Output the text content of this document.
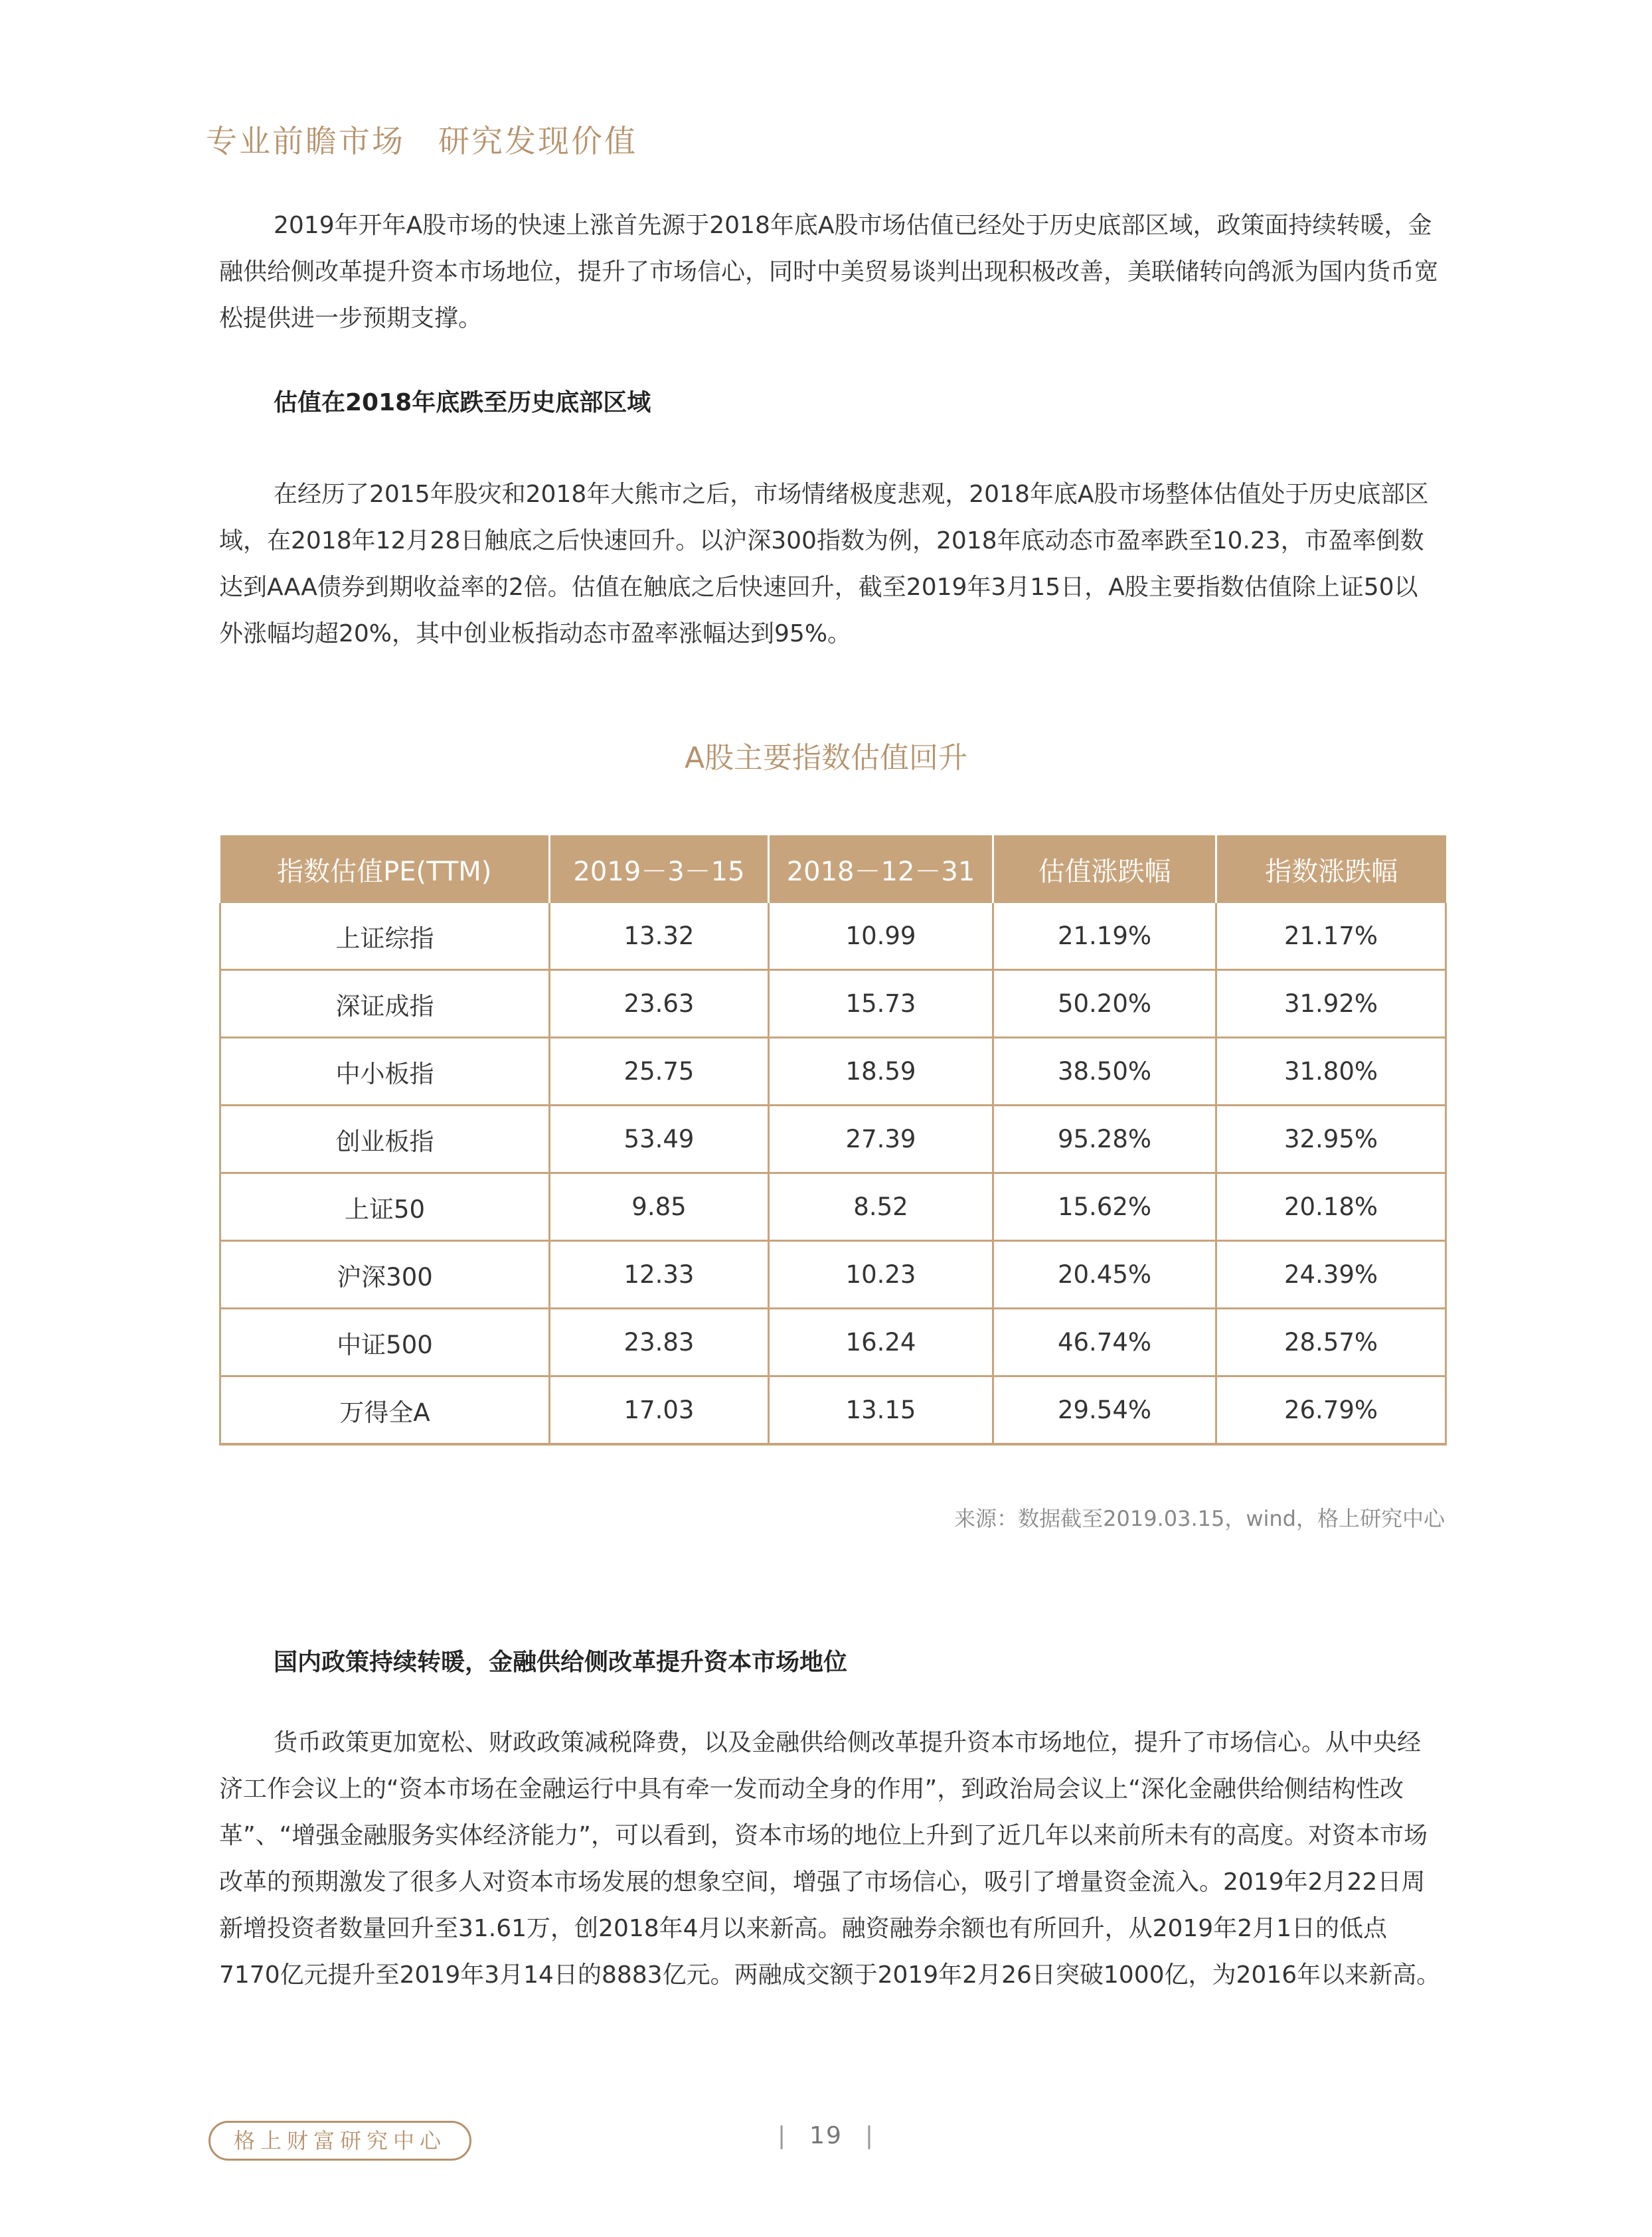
专业前瞻市场　研究发现价值

2019年开年A股市场的快速上涨首先源于2018年底A股市场估值已经处于历史底部区域，政策面持续转暖，金融供给侧改革提升资本市场地位，提升了市场信心，同时中美贸易谈判出现积极改善，美联储转向鸽派为国内货币宽松提供进一步预期支撑。

估值在2018年底跌至历史底部区域

在经历了2015年股灾和2018年大熊市之后，市场情绪极度悲观，2018年底A股市场整体估值处于历史底部区域，在2018年12月28日触底之后快速回升。以沪深300指数为例，2018年底动态市盈率跌至10.23，市盈率倒数达到AAA债券到期收益率的2倍。估值在触底之后快速回升，截至2019年3月15日，A股主要指数估值除上证50以外涨幅均超20%，其中创业板指动态市盈率涨幅达到95%。

A股主要指数估值回升
指数估值PE(TTM)	2019－3－15	2018－12－31	估值涨跌幅	指数涨跌幅
上证综指	13.32	10.99	21.19%	21.17%
深证成指	23.63	15.73	50.20%	31.92%
中小板指	25.75	18.59	38.50%	31.80%
创业板指	53.49	27.39	95.28%	32.95%
上证50	9.85	8.52	15.62%	20.18%
沪深300	12.33	10.23	20.45%	24.39%
中证500	23.83	16.24	46.74%	28.57%
万得全A	17.03	13.15	29.54%	26.79%
来源：数据截至2019.03.15，wind，格上研究中心
国内政策持续转暖，金融供给侧改革提升资本市场地位

货币政策更加宽松、财政政策减税降费，以及金融供给侧改革提升资本市场地位，提升了市场信心。从中央经济工作会议上的“资本市场在金融运行中具有牵一发而动全身的作用”，到政治局会议上“深化金融供给侧结构性改革”、“增强金融服务实体经济能力”，可以看到，资本市场的地位上升到了近几年以来前所未有的高度。对资本市场改革的预期激发了很多人对资本市场发展的想象空间，增强了市场信心，吸引了增量资金流入。2019年2月22日周新增投资者数量回升至31.61万，创2018年4月以来新高。融资融券余额也有所回升，从2019年2月1日的低点7170亿元提升至2019年3月14日的8883亿元。两融成交额于2019年2月26日突破1000亿，为2016年以来新高。

格上财富研究中心	| 19 |
